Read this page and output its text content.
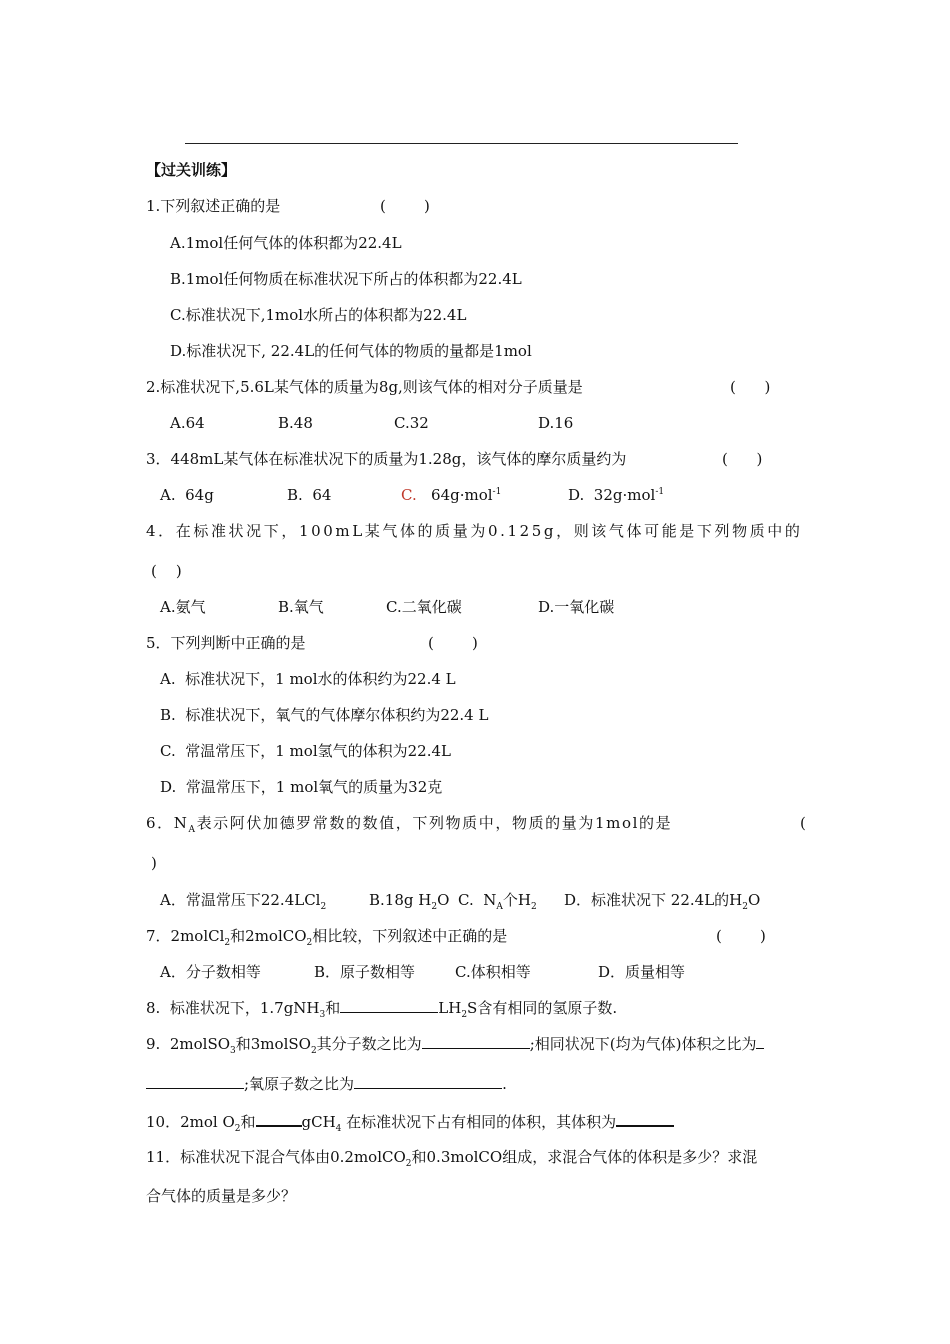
【过关训练】
1.下列叙述正确的是	(        )
A.1mol任何气体的体积都为22.4L
B.1mol任何物质在标准状况下所占的体积都为22.4L
C.标准状况下,1mol水所占的体积都为22.4L
D.标准状况下, 22.4L的任何气体的物质的量都是1mol
2.标准状况下,5.6L某气体的质量为8g,则该气体的相对分子质量是	(      )
A.64	B.48	C.32	D.16
3．448mL某气体在标准状况下的质量为1.28g，该气体的摩尔质量约为	(      )
A.  64g	B.  64	C. 64g·mol$^{-1}$	D.  32g·mol$^{-1}$
4．在标准状况下，100mL某气体的质量为0.125g，则该气体可能是下列物质中的
(    )
A.氨气	B.氧气	C.二氧化碳	D.一氧化碳
5．下列判断中正确的是	(        )
A.  标准状况下，1 mol水的体积约为22.4 L
B.  标准状况下，氧气的气体摩尔体积约为22.4 L
C.  常温常压下，1 mol氢气的体积为22.4L
D.  常温常压下，1 mol氧气的质量为32克
6．$N_A$表示阿伏加德罗常数的数值，下列物质中，物质的量为1mol的是	(
)
A．常温常压下22.4LCl$_2$	B.18g $H_2O$ C.  $N_A$个$H_2$ D．标准状况下 22.4L的$H_2O$
7．2molCl$_2$和2molCO$_2$相比较，下列叙述中正确的是	(        )
A．分子数相等	B．原子数相等	C.体积相等	D．质量相等
8.  标准状况下，1.7gNH$_3$和	$LH_2S$含有相同的氢原子数.
9.  2molSO$_3$和3molSO$_2$其分子数之比为	;相同状况下(均为气体)体积之比为
;氧原子数之比为	.
10．2mol $O_2$和	gCH$_4$ 在标准状况下占有相同的体积，其体积为
11．标准状况下混合气体由0.2molCO$_2$和0.3molCO组成，求混合气体的体积是多少？求混
合气体的质量是多少？
